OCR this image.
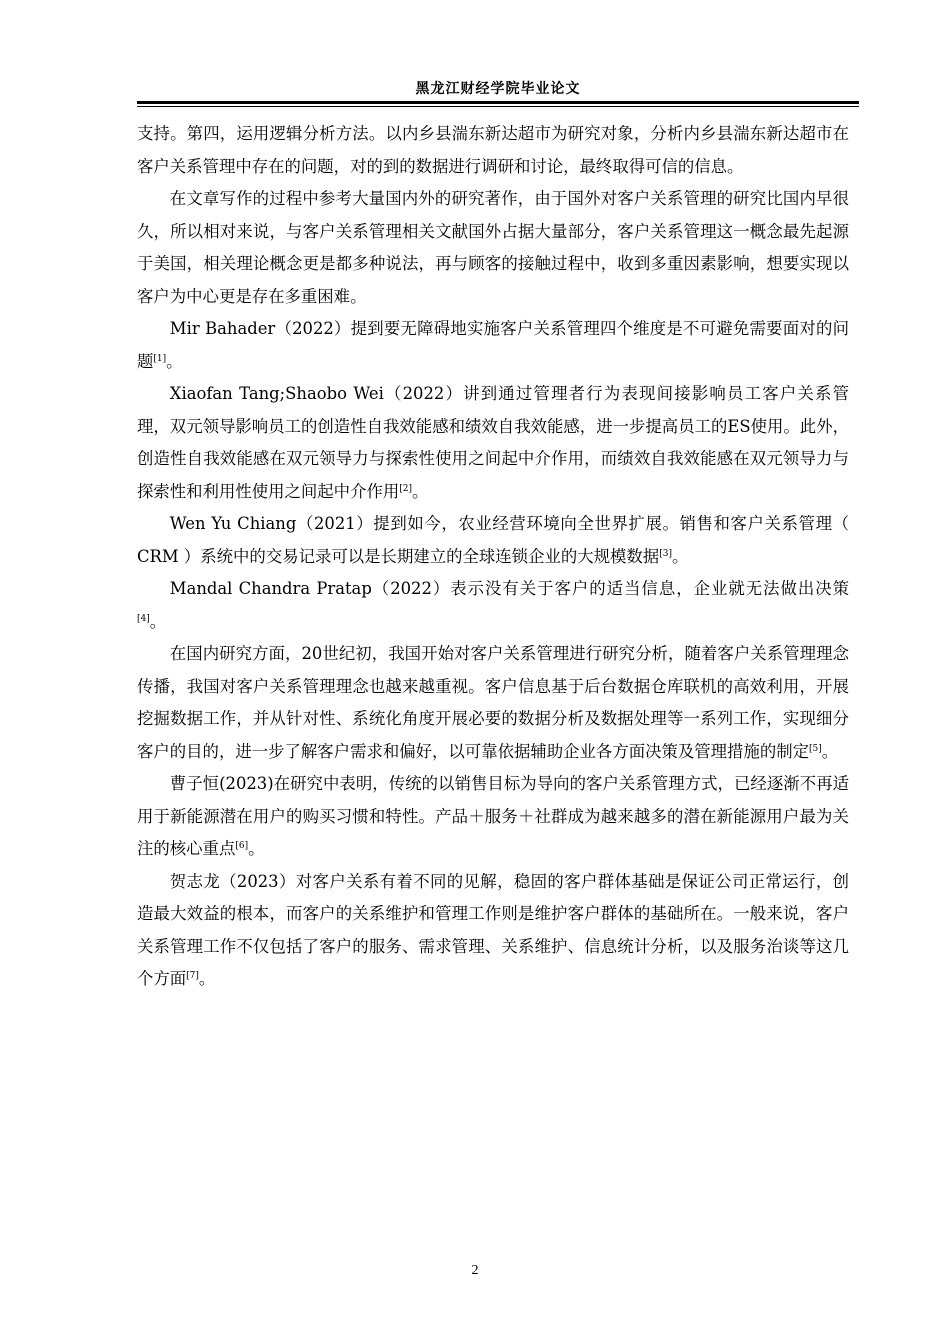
黑龙江财经学院毕业论文

支持。第四，运用逻辑分析方法。以内乡县湍东新达超市为研究对象，分析内乡县湍东新达超市在客户关系管理中存在的问题，对的到的数据进行调研和讨论，最终取得可信的信息。

在文章写作的过程中参考大量国内外的研究著作，由于国外对客户关系管理的研究比国内早很久，所以相对来说，与客户关系管理相关文献国外占据大量部分，客户关系管理这一概念最先起源于美国，相关理论概念更是都多种说法，再与顾客的接触过程中，收到多重因素影响，想要实现以客户为中心更是存在多重困难。

Mir Bahader（2022）提到要无障碍地实施客户关系管理四个维度是不可避免需要面对的问题[1]。

Xiaofan Tang;Shaobo Wei（2022）讲到通过管理者行为表现间接影响员工客户关系管理，双元领导影响员工的创造性自我效能感和绩效自我效能感，进一步提高员工的ES使用。此外，创造性自我效能感在双元领导力与探索性使用之间起中介作用，而绩效自我效能感在双元领导力与探索性和利用性使用之间起中介作用[2]。

Wen Yu Chiang（2021）提到如今，农业经营环境向全世界扩展。销售和客户关系管理（ CRM ）系统中的交易记录可以是长期建立的全球连锁企业的大规模数据[3]。

Mandal Chandra Pratap（2022）表示没有关于客户的适当信息，企业就无法做出决策[4]。

在国内研究方面，20世纪初，我国开始对客户关系管理进行研究分析，随着客户关系管理理念传播，我国对客户关系管理理念也越来越重视。客户信息基于后台数据仓库联机的高效利用，开展挖掘数据工作，并从针对性、系统化角度开展必要的数据分析及数据处理等一系列工作，实现细分客户的目的，进一步了解客户需求和偏好，以可靠依据辅助企业各方面决策及管理措施的制定[5]。

曹子恒(2023)在研究中表明，传统的以销售目标为导向的客户关系管理方式，已经逐渐不再适用于新能源潜在用户的购买习惯和特性。产品＋服务＋社群成为越来越多的潜在新能源用户最为关注的核心重点[6]。

贺志龙（2023）对客户关系有着不同的见解，稳固的客户群体基础是保证公司正常运行，创造最大效益的根本，而客户的关系维护和管理工作则是维护客户群体的基础所在。一般来说，客户关系管理工作不仅包括了客户的服务、需求管理、关系维护、信息统计分析，以及服务治谈等这几个方面[7]。

2
